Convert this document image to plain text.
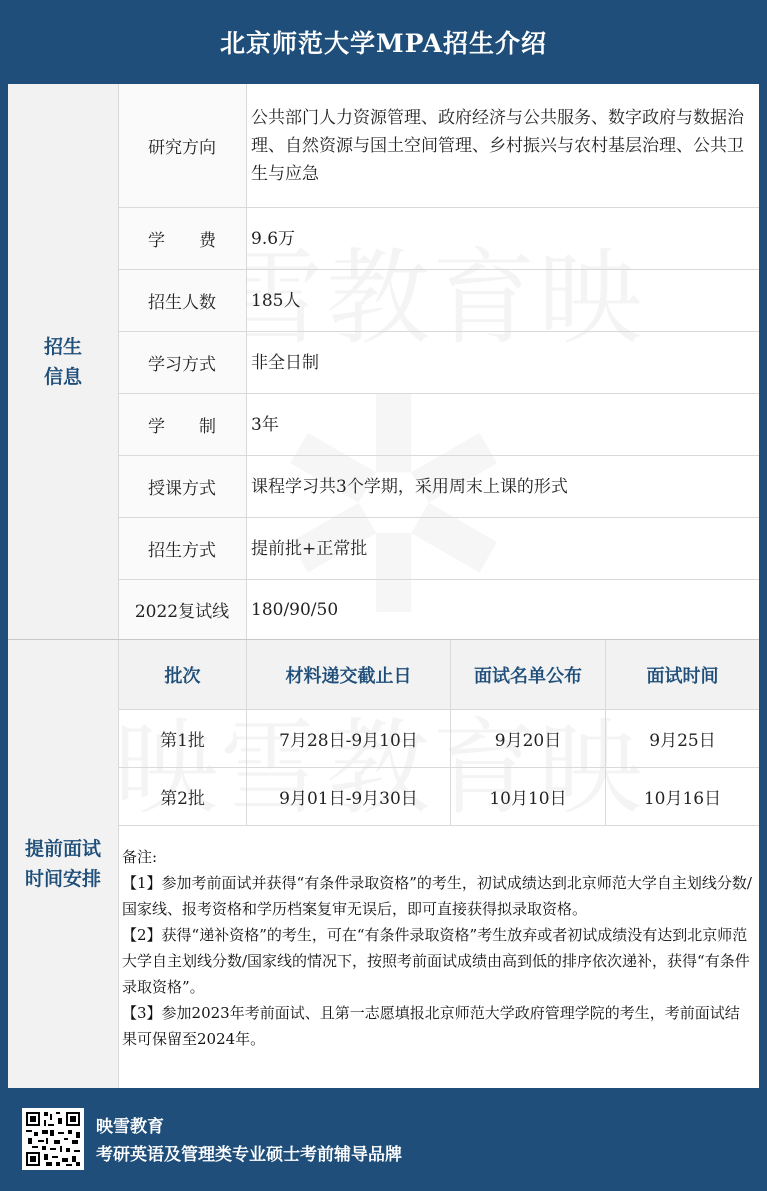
北京师范大学MPA招生介绍
招生
信息
研究方向
公共部门人力资源管理、政府经济与公共服务、数字政府与数据治理、自然资源与国土空间管理、乡村振兴与农村基层治理、公共卫生与应急
学　　费	9.6万
招生人数	185人
学习方式	非全日制
学　　制	3年
授课方式	课程学习共3个学期，采用周末上课的形式
招生方式	提前批+正常批
2022复试线	180/90/50
提前面试
时间安排
批次	材料递交截止日	面试名单公布	面试时间
第1批	7月28日-9月10日	9月20日	9月25日
第2批	9月01日-9月30日	10月10日	10月16日

备注:

【1】参加考前面试并获得“有条件录取资格”的考生，初试成绩达到北京师范大学自主划线分数/国家线、报考资格和学历档案复审无误后，即可直接获得拟录取资格。

【2】获得“递补资格”的考生，可在“有条件录取资格”考生放弃或者初试成绩没有达到北京师范大学自主划线分数/国家线的情况下，按照考前面试成绩由高到低的排序依次递补，获得“有条件录取资格”。

【3】参加2023年考前面试、且第一志愿填报北京师范大学政府管理学院的考生，考前面试结果可保留至2024年。

映雪教育
考研英语及管理类专业硕士考前辅导品牌
